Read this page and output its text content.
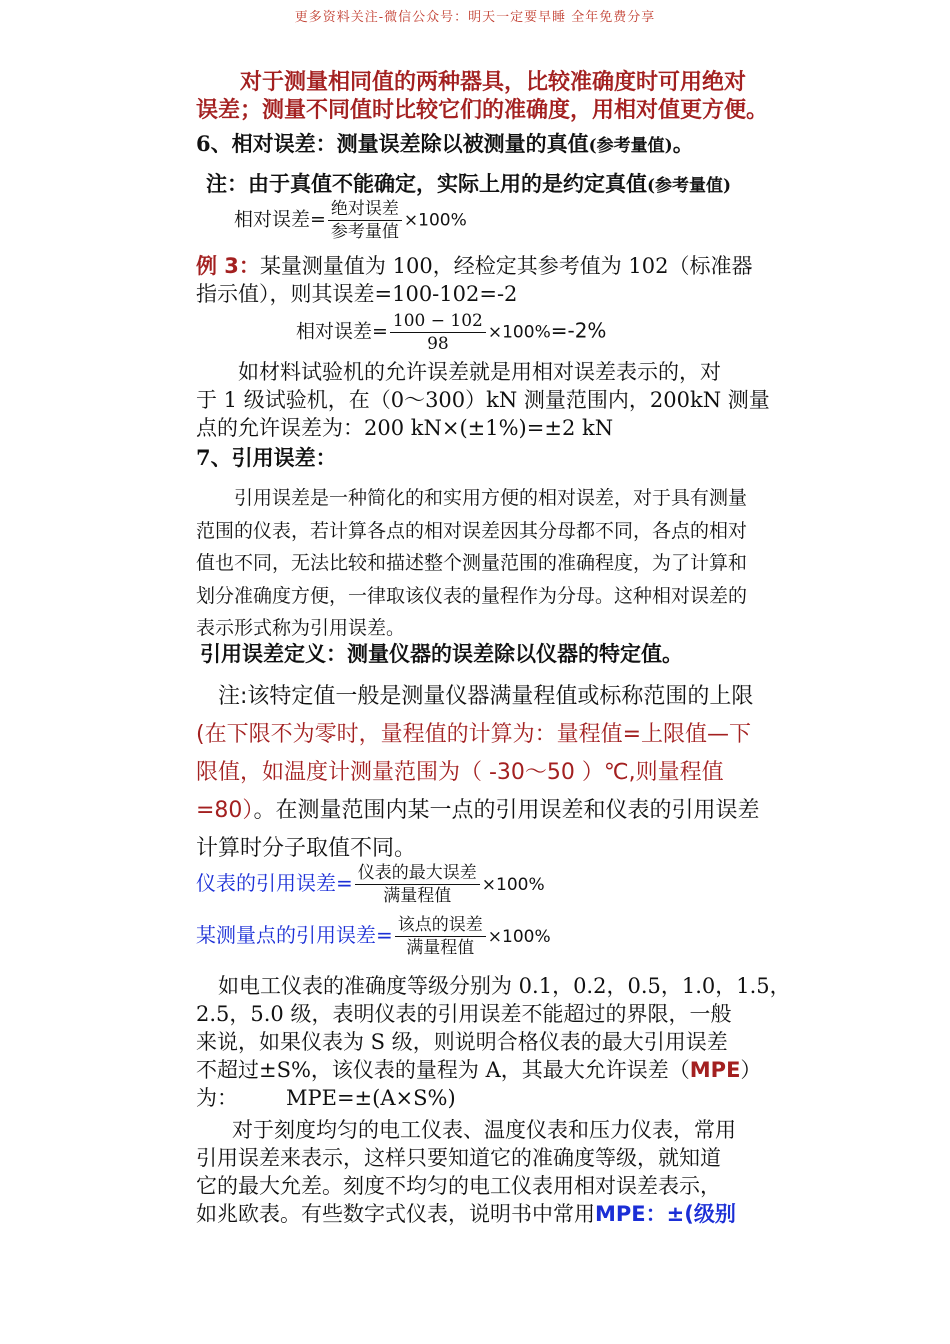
更多资料关注-微信公众号：明天一定要早睡 全年免费分享
对于测量相同值的两种器具，比较准确度时可用绝对
误差；测量不同值时比较它们的准确度，用相对值更方便。
6、相对误差：测量误差除以被测量的真值(参考量值)。
注：由于真值不能确定，实际上用的是约定真值(参考量值)
相对误差= $\frac{\text{绝对误差}}{\text{参考量值}} \times 100\%$
例 3：某量测量值为 100，经检定其参考值为 102（标准器
指示值），则其误差=100-102=-2
相对误差= $\frac{100 - 102}{98} \times 100\%=-2\%$
如材料试验机的允许误差就是用相对误差表示的，对
于 1 级试验机，在（0～300）kN 测量范围内，200kN 测量
点的允许误差为：200 kN×(±1%)=±2 kN
7、引用误差：

引用误差是一种简化的和实用方便的相对误差，对于具有测量范围的仪表，若计算各点的相对误差因其分母都不同，各点的相对值也不同，无法比较和描述整个测量范围的准确程度，为了计算和划分准确度方便，一律取该仪表的量程作为分母。这种相对误差的表示形式称为引用误差。

引用误差定义：测量仪器的误差除以仪器的特定值。
注:该特定值一般是测量仪器满量程值或标称范围的上限(在下限不为零时，量程值的计算为：量程值=上限值—下限值，如温度计测量范围为（ -30～50 ）℃,则量程值=80）。在测量范围内某一点的引用误差和仪表的引用误差计算时分子取值不同。
仪表的引用误差= $\frac{\text{仪表的最大误差}}{\text{满量程值}} \times 100\%$
某测量点的引用误差= $\frac{\text{该点的误差}}{\text{满量程值}} \times 100\%$
如电工仪表的准确度等级分别为 0.1，0.2，0.5，1.0，1.5，
2.5，5.0 级，表明仪表的引用误差不能超过的界限，一般
来说，如果仪表为 S 级，则说明合格仪表的最大引用误差
不超过±S%，该仪表的量程为 A，其最大允许误差（MPE）
为： MPE=±(A×S%)
对于刻度均匀的电工仪表、温度仪表和压力仪表，常用
引用误差来表示，这样只要知道它的准确度等级，就知道
它的最大允差。刻度不均匀的电工仪表用相对误差表示，
如兆欧表。有些数字式仪表，说明书中常用MPE：±(级别
